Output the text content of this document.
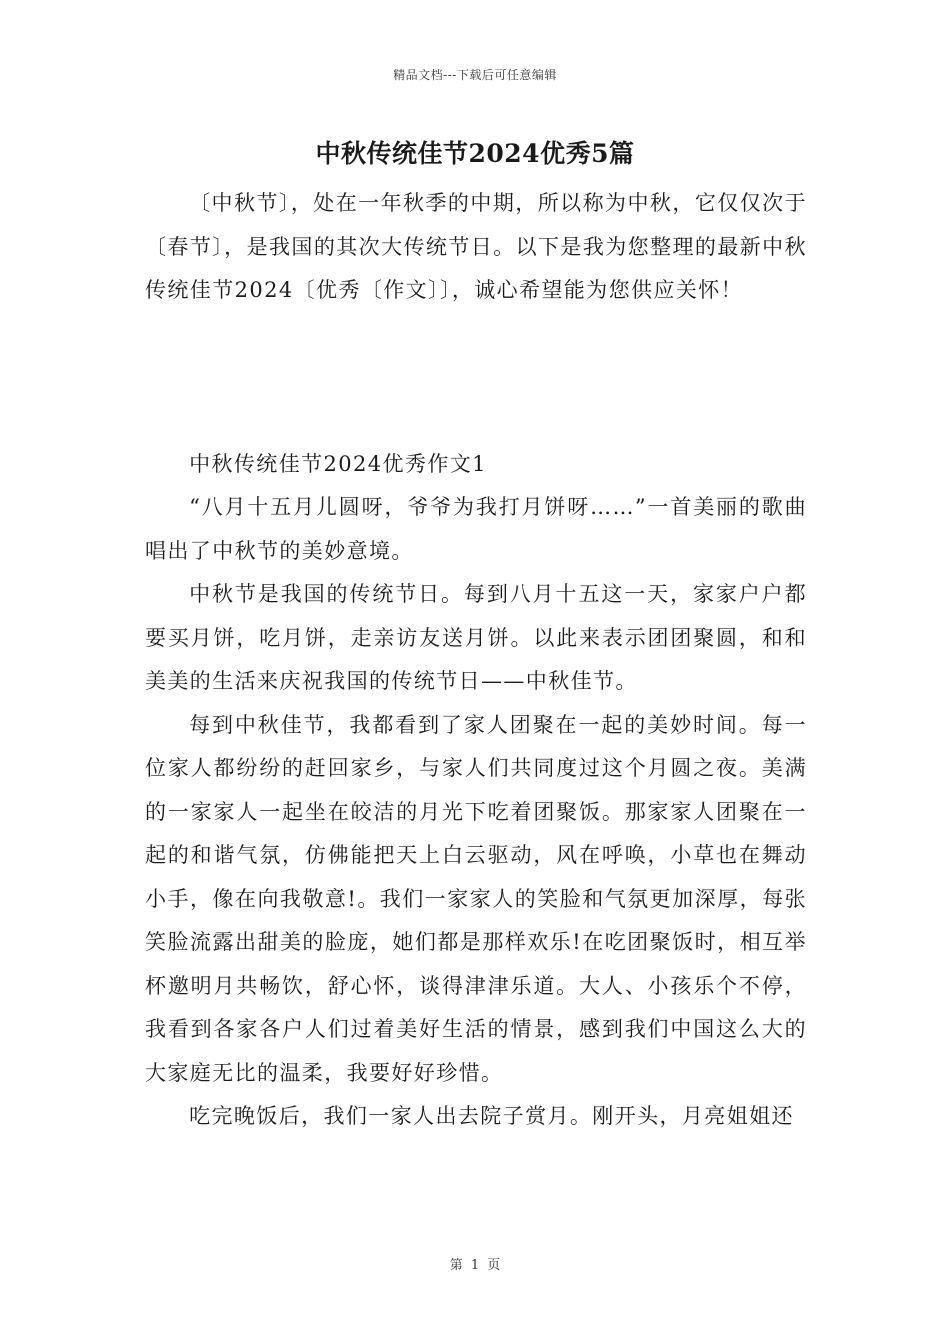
精品文档---下载后可任意编辑
中秋传统佳节2024优秀5篇

〔中秋节〕，处在一年秋季的中期，所以称为中秋，它仅仅次于〔春节〕，是我国的其次大传统节日。以下是我为您整理的最新中秋传统佳节2024〔优秀〔作文〕〕，诚心希望能为您供应关怀！

中秋传统佳节2024优秀作文1

“八月十五月儿圆呀，爷爷为我打月饼呀……”一首美丽的歌曲唱出了中秋节的美妙意境。

中秋节是我国的传统节日。每到八月十五这一天，家家户户都要买月饼，吃月饼，走亲访友送月饼。以此来表示团团聚圆，和和美美的生活来庆祝我国的传统节日——中秋佳节。

每到中秋佳节，我都看到了家人团聚在一起的美妙时间。每一位家人都纷纷的赶回家乡，与家人们共同度过这个月圆之夜。美满的一家家人一起坐在皎洁的月光下吃着团聚饭。那家家人团聚在一起的和谐气氛，仿佛能把天上白云驱动，风在呼唤，小草也在舞动小手，像在向我敬意!。我们一家家人的笑脸和气氛更加深厚，每张笑脸流露出甜美的脸庞，她们都是那样欢乐!在吃团聚饭时，相互举杯邀明月共畅饮，舒心怀，谈得津津乐道。大人、小孩乐个不停，我看到各家各户人们过着美好生活的情景，感到我们中国这么大的大家庭无比的温柔，我要好好珍惜。

吃完晚饭后，我们一家人出去院子赏月。刚开头，月亮姐姐还

第 1 页
